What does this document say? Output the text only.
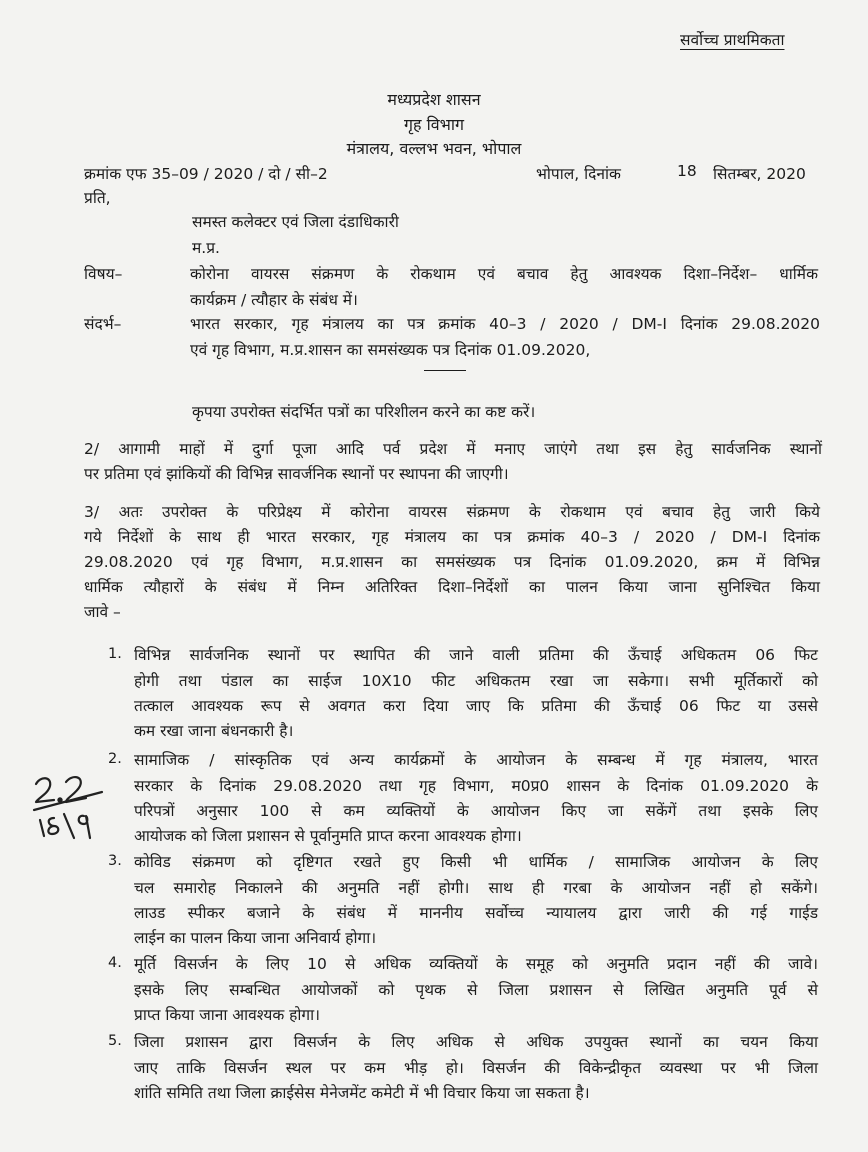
सर्वोच्च प्राथमिकता
मध्यप्रदेश शासन
गृह विभाग
मंत्रालय, वल्लभ भवन, भोपाल
क्रमांक एफ 35–09 / 2020 / दो / सी–2	भोपाल, दिनांक	18 सितम्बर, 2020
प्रति,
समस्त कलेक्टर एवं जिला दंडाधिकारी
म.प्र.
विषय–	कोरोना वायरस संक्रमण के रोकथाम एवं बचाव हेतु आवश्यक दिशा–निर्देश– धार्मिक
कार्यक्रम / त्यौहार के संबंध में।
संदर्भ–	भारत सरकार, गृह मंत्रालय का पत्र क्रमांक 40–3 / 2020 / DM-I दिनांक 29.08.2020
एवं गृह विभाग, म.प्र.शासन का समसंख्यक पत्र दिनांक 01.09.2020,
कृपया उपरोक्त संदर्भित पत्रों का परिशीलन करने का कष्ट करें।
2/ आगामी माहों में दुर्गा पूजा आदि पर्व प्रदेश में मनाए जाएंगे तथा इस हेतु सार्वजनिक स्थानों
पर प्रतिमा एवं झांकियों की विभिन्न सावर्जनिक स्थानों पर स्थापना की जाएगी।
3/ अतः उपरोक्त के परिप्रेक्ष्य में कोरोना वायरस संक्रमण के रोकथाम एवं बचाव हेतु जारी किये
गये निर्देशों के साथ ही भारत सरकार, गृह मंत्रालय का पत्र क्रमांक 40–3 / 2020 / DM-I दिनांक
29.08.2020 एवं गृह विभाग, म.प्र.शासन का समसंख्यक पत्र दिनांक 01.09.2020, क्रम में विभिन्न
धार्मिक त्यौहारों के संबंध में निम्न अतिरिक्त दिशा–निर्देशों का पालन किया जाना सुनिश्चित किया
जावे –
1. विभिन्न सार्वजनिक स्थानों पर स्थापित की जाने वाली प्रतिमा की ऊँचाई अधिकतम 06 फिट
होगी तथा पंडाल का साईज 10X10 फीट अधिकतम रखा जा सकेगा। सभी मूर्तिकारों को
तत्काल आवश्यक रूप से अवगत करा दिया जाए कि प्रतिमा की ऊँचाई 06 फिट या उससे
कम रखा जाना बंधनकारी है।
2. सामाजिक / सांस्कृतिक एवं अन्य कार्यक्रमों के आयोजन के सम्बन्ध में गृह मंत्रालय, भारत
सरकार के दिनांक 29.08.2020 तथा गृह विभाग, म0प्र0 शासन के दिनांक 01.09.2020 के
परिपत्रों अनुसार 100 से कम व्यक्तियों के आयोजन किए जा सकेंगें तथा इसके लिए
आयोजक को जिला प्रशासन से पूर्वानुमति प्राप्त करना आवश्यक होगा।
3. कोविड संक्रमण को दृष्टिगत रखते हुए किसी भी धार्मिक / सामाजिक आयोजन के लिए
चल समारोह निकालने की अनुमति नहीं होगी। साथ ही गरबा के आयोजन नहीं हो सकेंगे।
लाउड स्पीकर बजाने के संबंध में माननीय सर्वोच्च न्यायालय द्वारा जारी की गई गाईड
लाईन का पालन किया जाना अनिवार्य होगा।
4. मूर्ति विसर्जन के लिए 10 से अधिक व्यक्तियों के समूह को अनुमति प्रदान नहीं की जावे।
इसके लिए सम्बन्धित आयोजकों को पृथक से जिला प्रशासन से लिखित अनुमति पूर्व से
प्राप्त किया जाना आवश्यक होगा।
5. जिला प्रशासन द्वारा विसर्जन के लिए अधिक से अधिक उपयुक्त स्थानों का चयन किया
जाए ताकि विसर्जन स्थल पर कम भीड़ हो। विसर्जन की विकेन्द्रीकृत व्यवस्था पर भी जिला
शांति समिति तथा जिला क्राईसेस मेनेजमेंट कमेटी में भी विचार किया जा सकता है।
